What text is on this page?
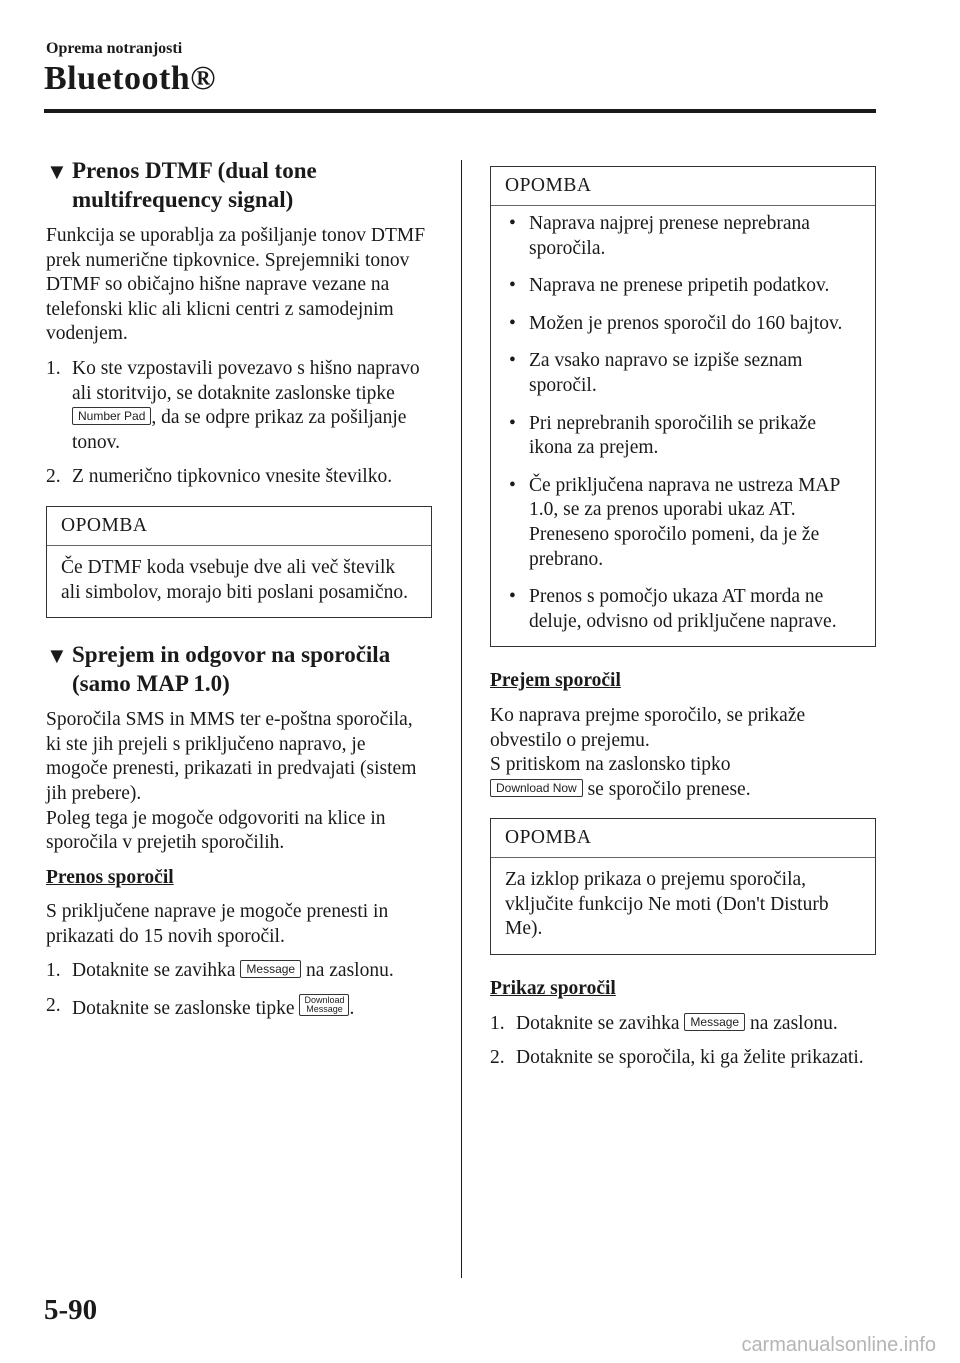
Oprema notranjosti
Bluetooth®
▼ Prenos DTMF (dual tone
multifrequency signal)

Funkcija se uporablja za pošiljanje tonov DTMF prek numerične tipkovnice. Sprejemniki tonov DTMF so običajno hišne naprave vezane na telefonski klic ali klicni centri z samodejnim vodenjem.

1. Ko ste vzpostavili povezavo s hišno napravo ali storitvijo, se dotaknite zaslonske tipke Number Pad , da se odpre prikaz za pošiljanje tonov.
2. Z numerično tipkovnico vnesite številko.
OPOMBA
Če DTMF koda vsebuje dve ali več številk ali simbolov, morajo biti poslani posamično.
▼ Sprejem in odgovor na sporočila
(samo MAP 1.0)

Sporočila SMS in MMS ter e-poštna sporočila, ki ste jih prejeli s priključeno napravo, je mogoče prenesti, prikazati in predvajati (sistem jih prebere).

Poleg tega je mogoče odgovoriti na klice in sporočila v prejetih sporočilih.

Prenos sporočil

S priključene naprave je mogoče prenesti in prikazati do 15 novih sporočil.

1. Dotaknite se zavihka Message na zaslonu.
2. Dotaknite se zaslonske tipke Download
Message .
OPOMBA
• Naprava najprej prenese neprebrana sporočila.
• Naprava ne prenese pripetih podatkov.
• Možen je prenos sporočil do 160 bajtov.
• Za vsako napravo se izpiše seznam sporočil.
• Pri neprebranih sporočilih se prikaže ikona za prejem.
• Če priključena naprava ne ustreza MAP 1.0, se za prenos uporabi ukaz AT. Preneseno sporočilo pomeni, da je že prebrano.
• Prenos s pomočjo ukaza AT morda ne deluje, odvisno od priključene naprave.
Prejem sporočil

Ko naprava prejme sporočilo, se prikaže obvestilo o prejemu.

S pritiskom na zaslonsko tipko
Download Now se sporočilo prenese.

OPOMBA
Za izklop prikaza o prejemu sporočila, vključite funkcijo Ne moti (Don't Disturb Me).
Prikaz sporočil
1. Dotaknite se zavihka Message na zaslonu.
2. Dotaknite se sporočila, ki ga želite prikazati.
5-90
carmanualsonline.info
